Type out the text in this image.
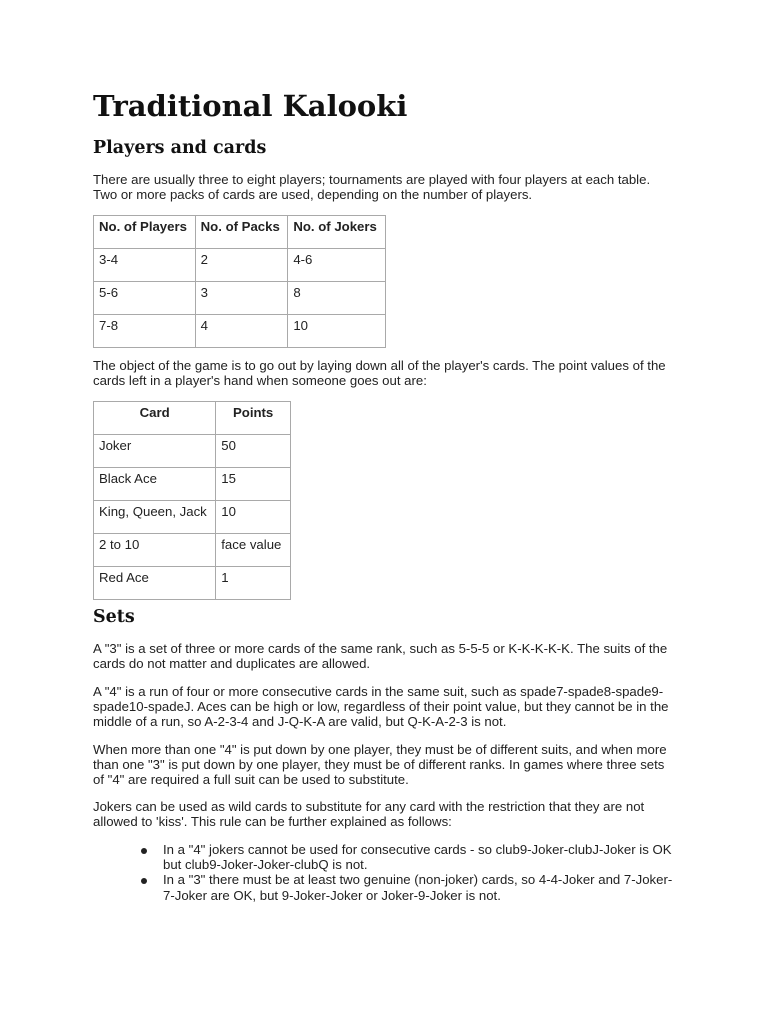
Traditional Kalooki
Players and cards

There are usually three to eight players; tournaments are played with four players at each table. Two or more packs of cards are used, depending on the number of players.

No. of Players	No. of Packs	No. of Jokers
3-4	2	4-6
5-6	3	8
7-8	4	10

The object of the game is to go out by laying down all of the player's cards. The point values of the cards left in a player's hand when someone goes out are:

Card	Points
Joker	50
Black Ace	15
King, Queen, Jack	10
2 to 10	face value
Red Ace	1
Sets

A "3" is a set of three or more cards of the same rank, such as 5-5-5 or K-K-K-K-K. The suits of the cards do not matter and duplicates are allowed.

A "4" is a run of four or more consecutive cards in the same suit, such as spade7-spade8-spade9-spade10-spadeJ. Aces can be high or low, regardless of their point value, but they cannot be in the middle of a run, so A-2-3-4 and J-Q-K-A are valid, but Q-K-A-2-3 is not.

When more than one "4" is put down by one player, they must be of different suits, and when more than one "3" is put down by one player, they must be of different ranks. In games where three sets of "4" are required a full suit can be used to substitute.

Jokers can be used as wild cards to substitute for any card with the restriction that they are not allowed to 'kiss'. This rule can be further explained as follows:

In a "4" jokers cannot be used for consecutive cards - so club9-Joker-clubJ-Joker is OK but club9-Joker-Joker-clubQ is not.
In a "3" there must be at least two genuine (non-joker) cards, so 4-4-Joker and 7-Joker-7-Joker are OK, but 9-Joker-Joker or Joker-9-Joker is not.
